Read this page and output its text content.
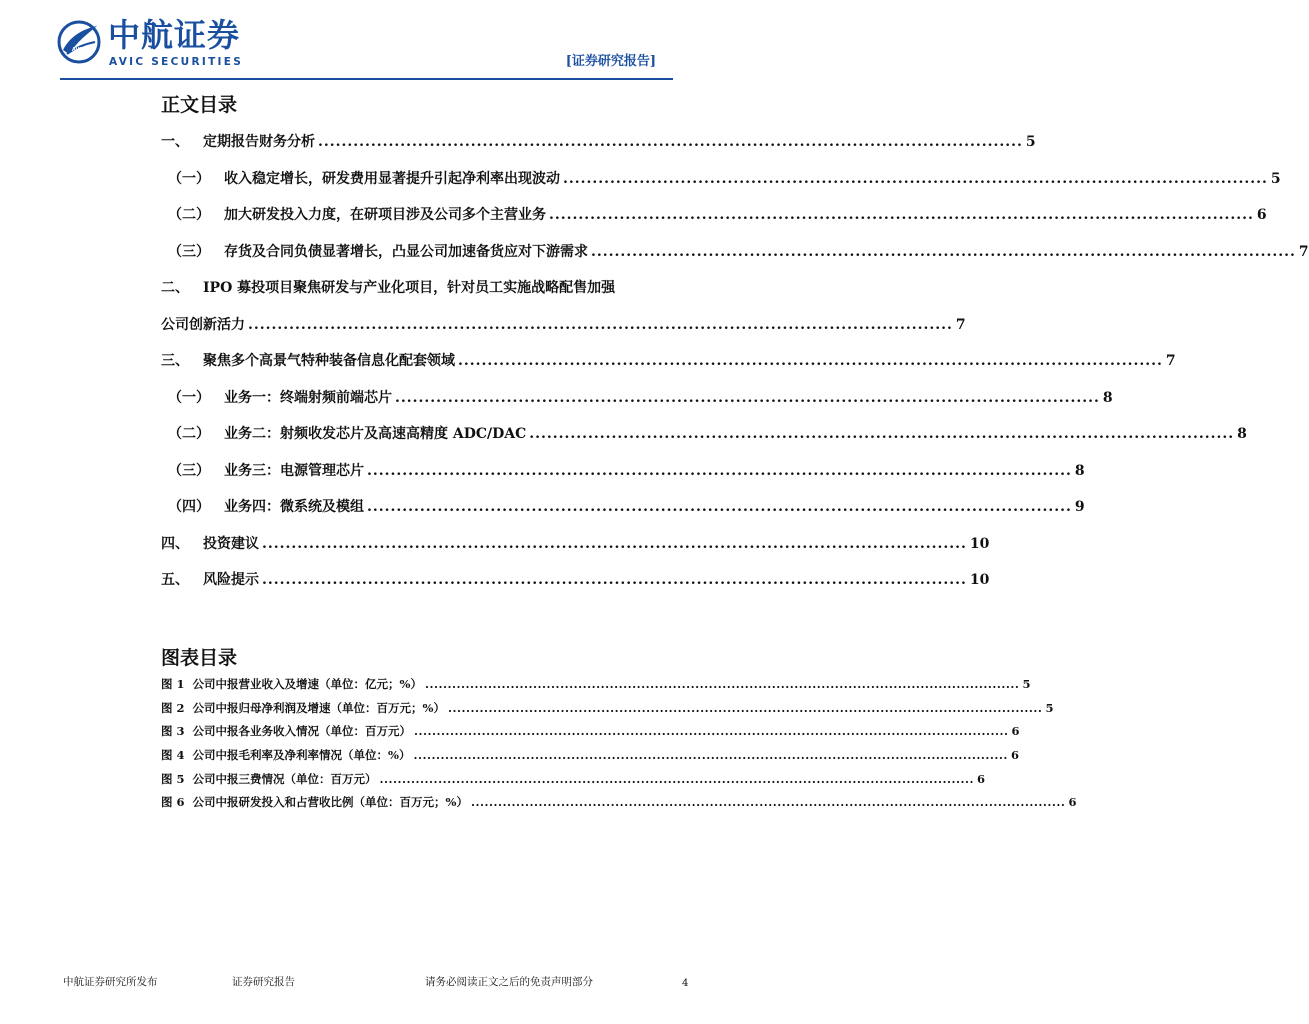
AVIC 中航证券
AVIC SECURITIES	[证券研究报告]
正文目录
一、 定期报告财务分析 ........................................................................................................................ 5
（一） 收入稳定增长，研发费用显著提升引起净利率出现波动 ........................................................................................................................ 5
（二） 加大研发投入力度，在研项目涉及公司多个主营业务 ........................................................................................................................ 6
（三） 存货及合同负债显著增长，凸显公司加速备货应对下游需求 ........................................................................................................................ 7
二、 IPO 募投项目聚焦研发与产业化项目，针对员工实施战略配售加强
公司创新活力 ........................................................................................................................ 7
三、 聚焦多个高景气特种装备信息化配套领域 ........................................................................................................................ 7
（一） 业务一：终端射频前端芯片 ........................................................................................................................ 8
（二） 业务二：射频收发芯片及高速高精度 ADC/DAC ........................................................................................................................ 8
（三） 业务三：电源管理芯片 ........................................................................................................................ 8
（四） 业务四：微系统及模组 ........................................................................................................................ 9
四、 投资建议 ........................................................................................................................ 10
五、 风险提示 ........................................................................................................................ 10
图表目录
图 1 公司中报营业收入及增速（单位：亿元；%） .................................................................................................................................... 5
图 2 公司中报归母净利润及增速（单位：百万元；%） .................................................................................................................................... 5
图 3 公司中报各业务收入情况（单位：百万元） .................................................................................................................................... 6
图 4 公司中报毛利率及净利率情况（单位：%） .................................................................................................................................... 6
图 5 公司中报三费情况（单位：百万元） .................................................................................................................................... 6
图 6 公司中报研发投入和占营收比例（单位：百万元；%） .................................................................................................................................... 6
中航证券研究所发布	证券研究报告	请务必阅读正文之后的免责声明部分	4
